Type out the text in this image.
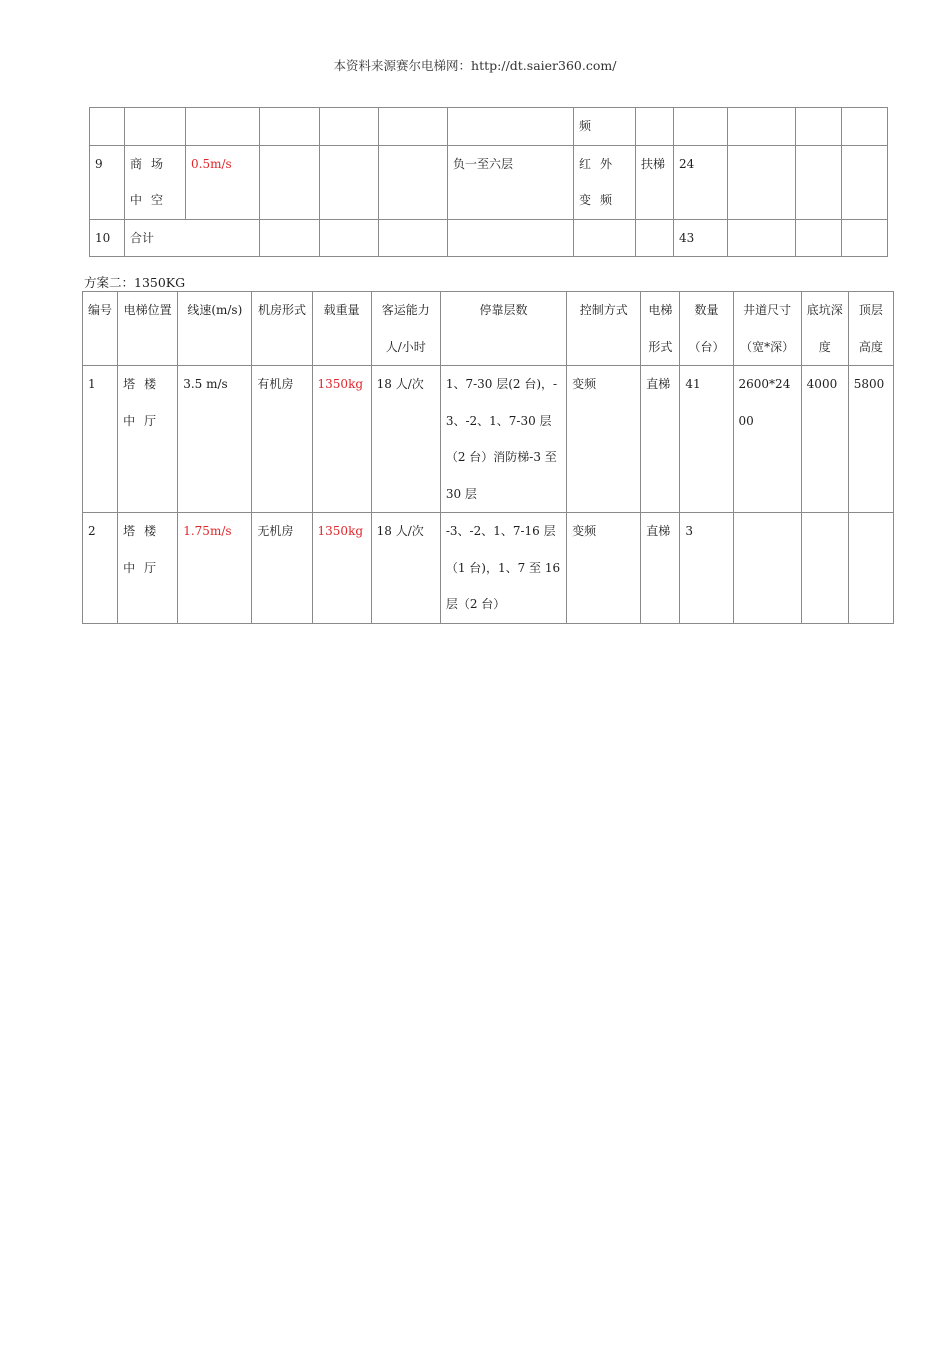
本资料来源赛尔电梯网：http://dt.saier360.com/
							频					
9	商场中空	0.5m/s				负一至六层	红外变频	扶梯	24			
10	合计								43			
方案二：1350KG
编号	电梯位置	线速(m/s)	机房形式	载重量	客运能力人/小时	停靠层数	控制方式	电梯形式	数量（台）	井道尺寸（宽*深）	底坑深度	顶层高度
1	塔楼中厅	3.5 m/s	有机房	1350kg	18 人/次	1、7-30 层(2 台)，-3、-2、1、7-30 层（2 台）消防梯-3 至 30 层	变频	直梯	41	2600*2400	4000	5800
2	塔楼中厅	1.75m/s	无机房	1350kg	18 人/次	-3、-2、1、7-16 层（1 台)，1、7 至 16 层（2 台）	变频	直梯	3			
